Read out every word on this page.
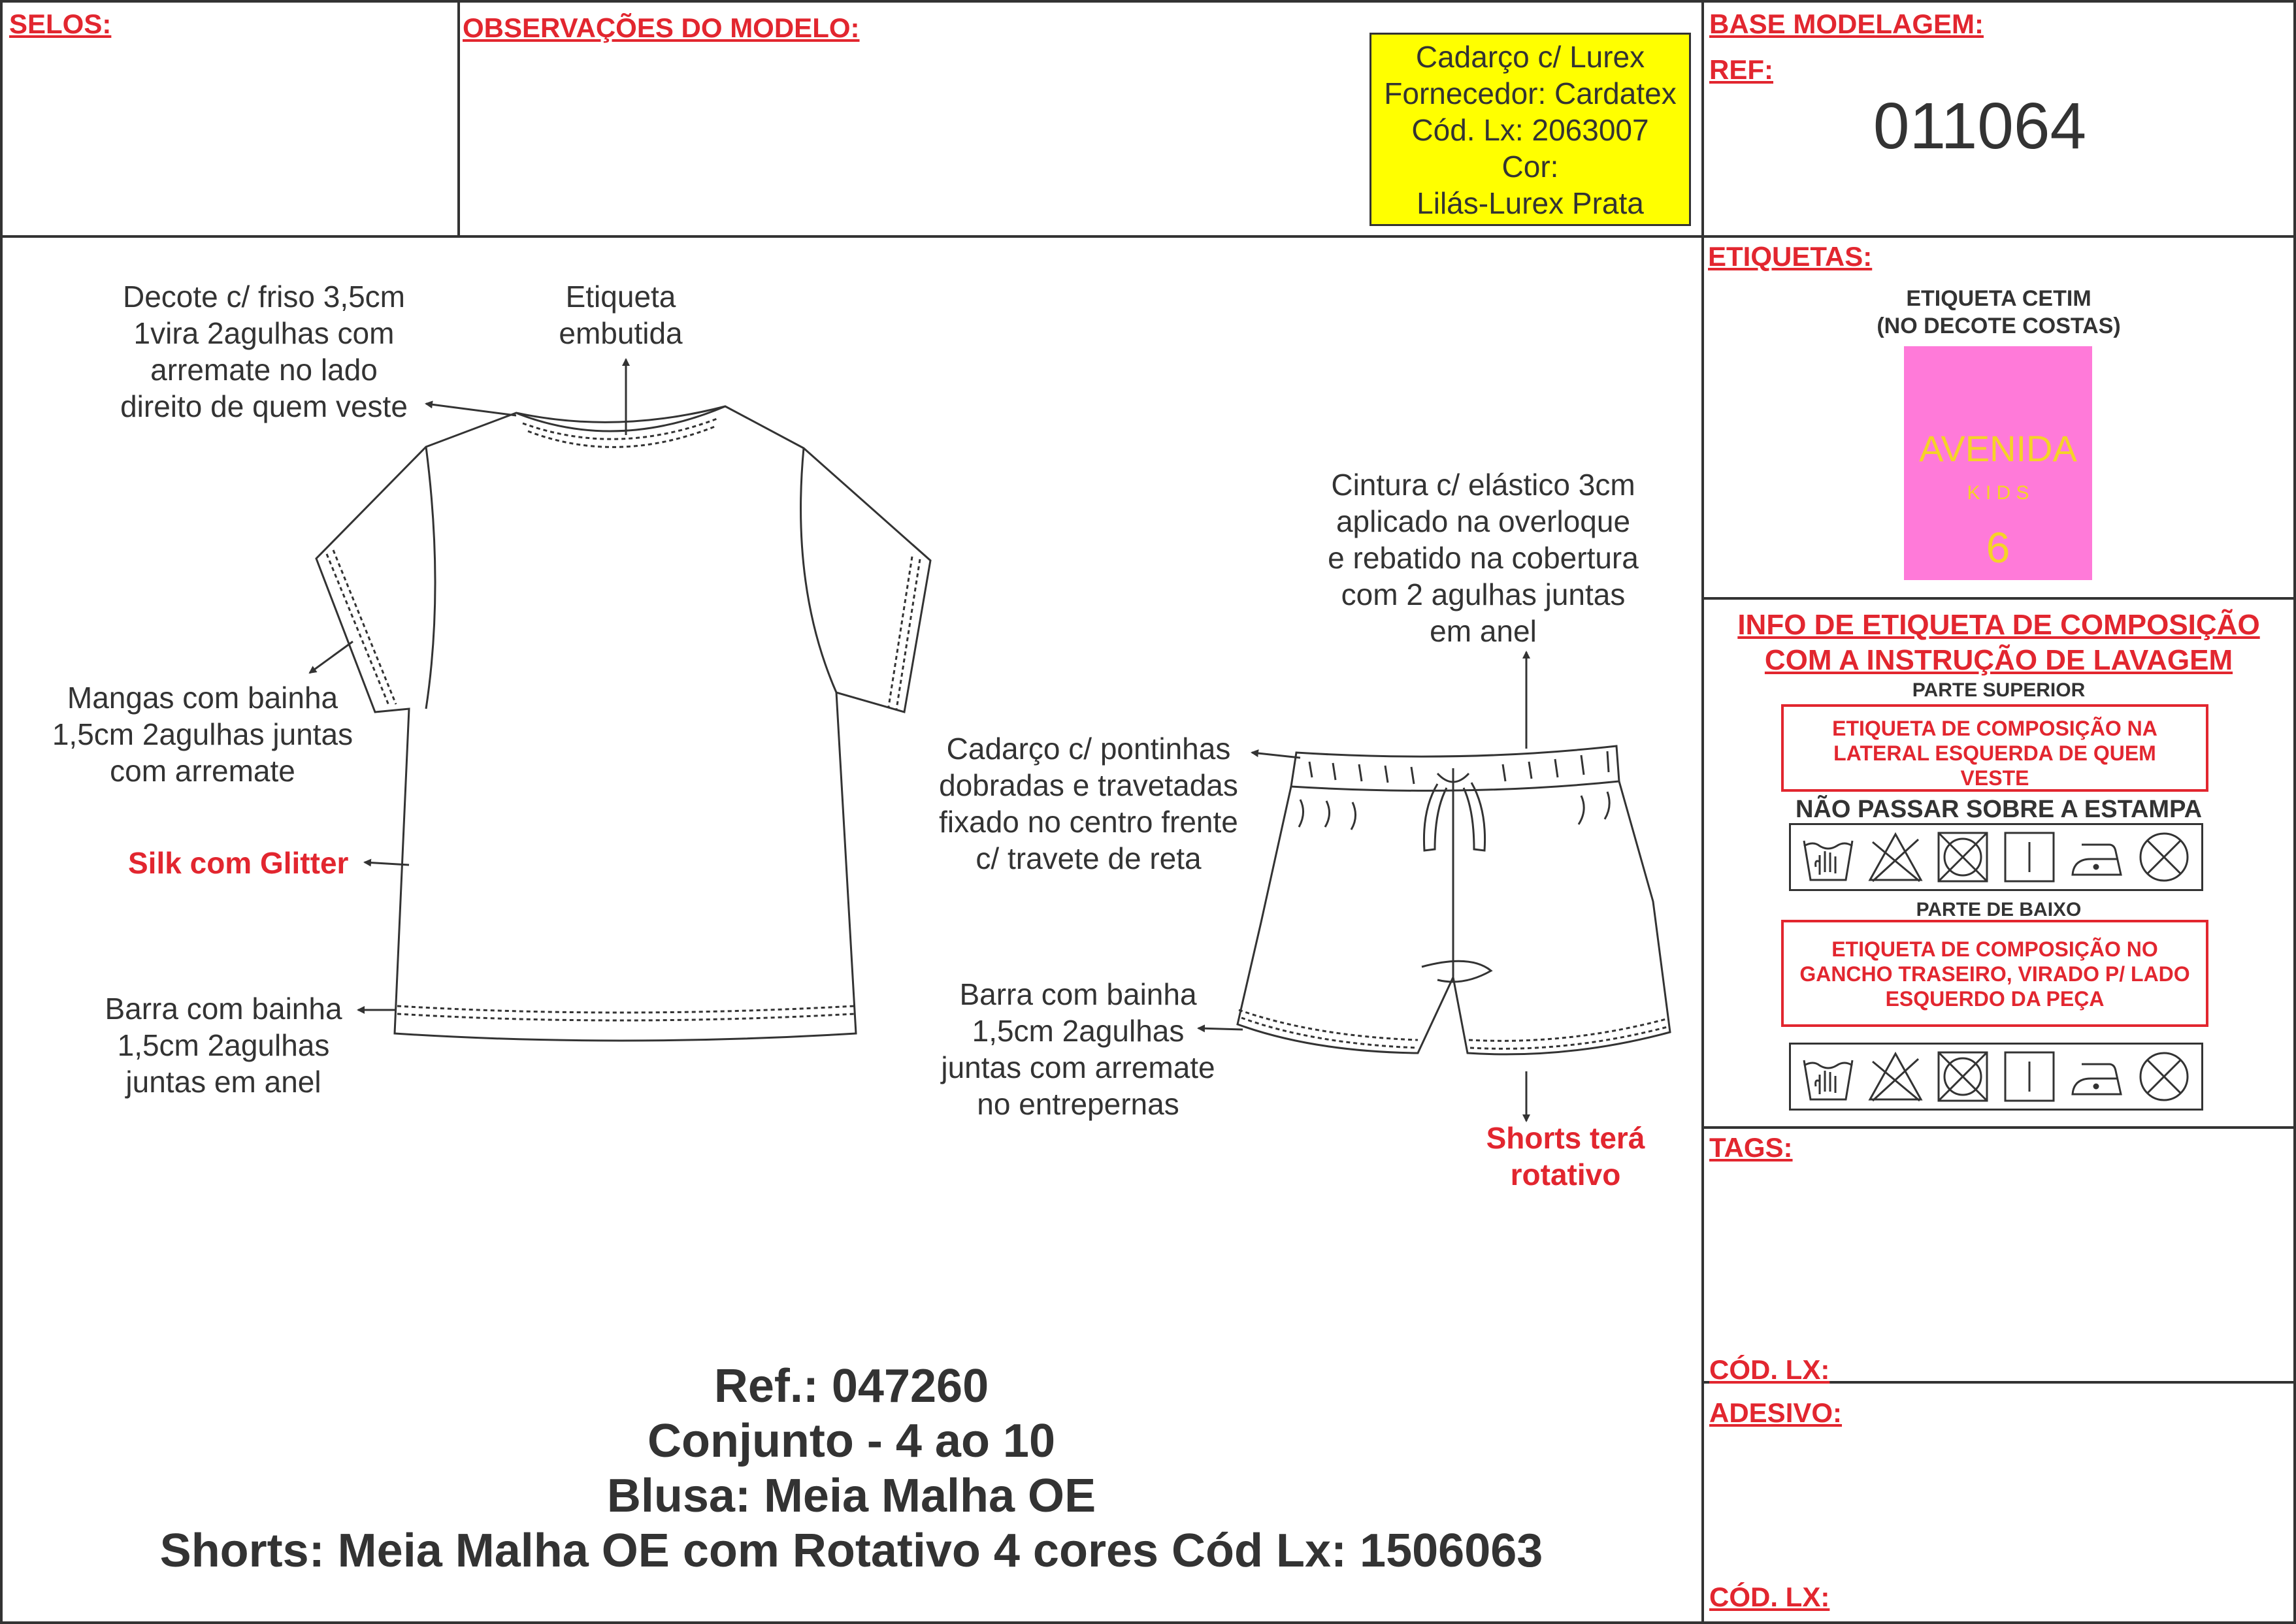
SELOS:	OBSERVAÇÕES DO MODELO:
Cadarço c/ Lurex
Fornecedor: Cardatex
Cód. Lx: 2063007
Cor:
Lilás-Lurex Prata
BASE MODELAGEM:
REF:
011064
ETIQUETAS:
ETIQUETA CETIM
(NO DECOTE COSTAS)
AVENIDA
K I D S
6
INFO DE ETIQUETA DE COMPOSIÇÃO
COM A INSTRUÇÃO DE LAVAGEM
PARTE SUPERIOR
ETIQUETA DE COMPOSIÇÃO NA LATERAL ESQUERDA DE QUEM VESTE
NÃO PASSAR SOBRE A ESTAMPA
PARTE DE BAIXO
ETIQUETA DE COMPOSIÇÃO NO GANCHO TRASEIRO, VIRADO P/ LADO ESQUERDO DA PEÇA
TAGS:
CÓD. LX:
ADESIVO:
CÓD. LX:
Decote c/ friso 3,5cm
1vira 2agulhas com
arremate no lado
direito de quem veste
Etiqueta
embutida
Mangas com bainha
1,5cm 2agulhas juntas
com arremate
Silk com Glitter
Barra com bainha
1,5cm 2agulhas
juntas em anel
Cintura c/ elástico 3cm
aplicado na overloque
e rebatido na cobertura
com 2 agulhas juntas
em anel
Cadarço c/ pontinhas
dobradas e travetadas
fixado no centro frente
c/ travete de reta
Barra com bainha
1,5cm 2agulhas
juntas com arremate
no entrepernas
Shorts terá
rotativo
Ref.: 047260
Conjunto - 4 ao 10
Blusa: Meia Malha OE
Shorts: Meia Malha OE com Rotativo 4 cores Cód Lx: 1506063
